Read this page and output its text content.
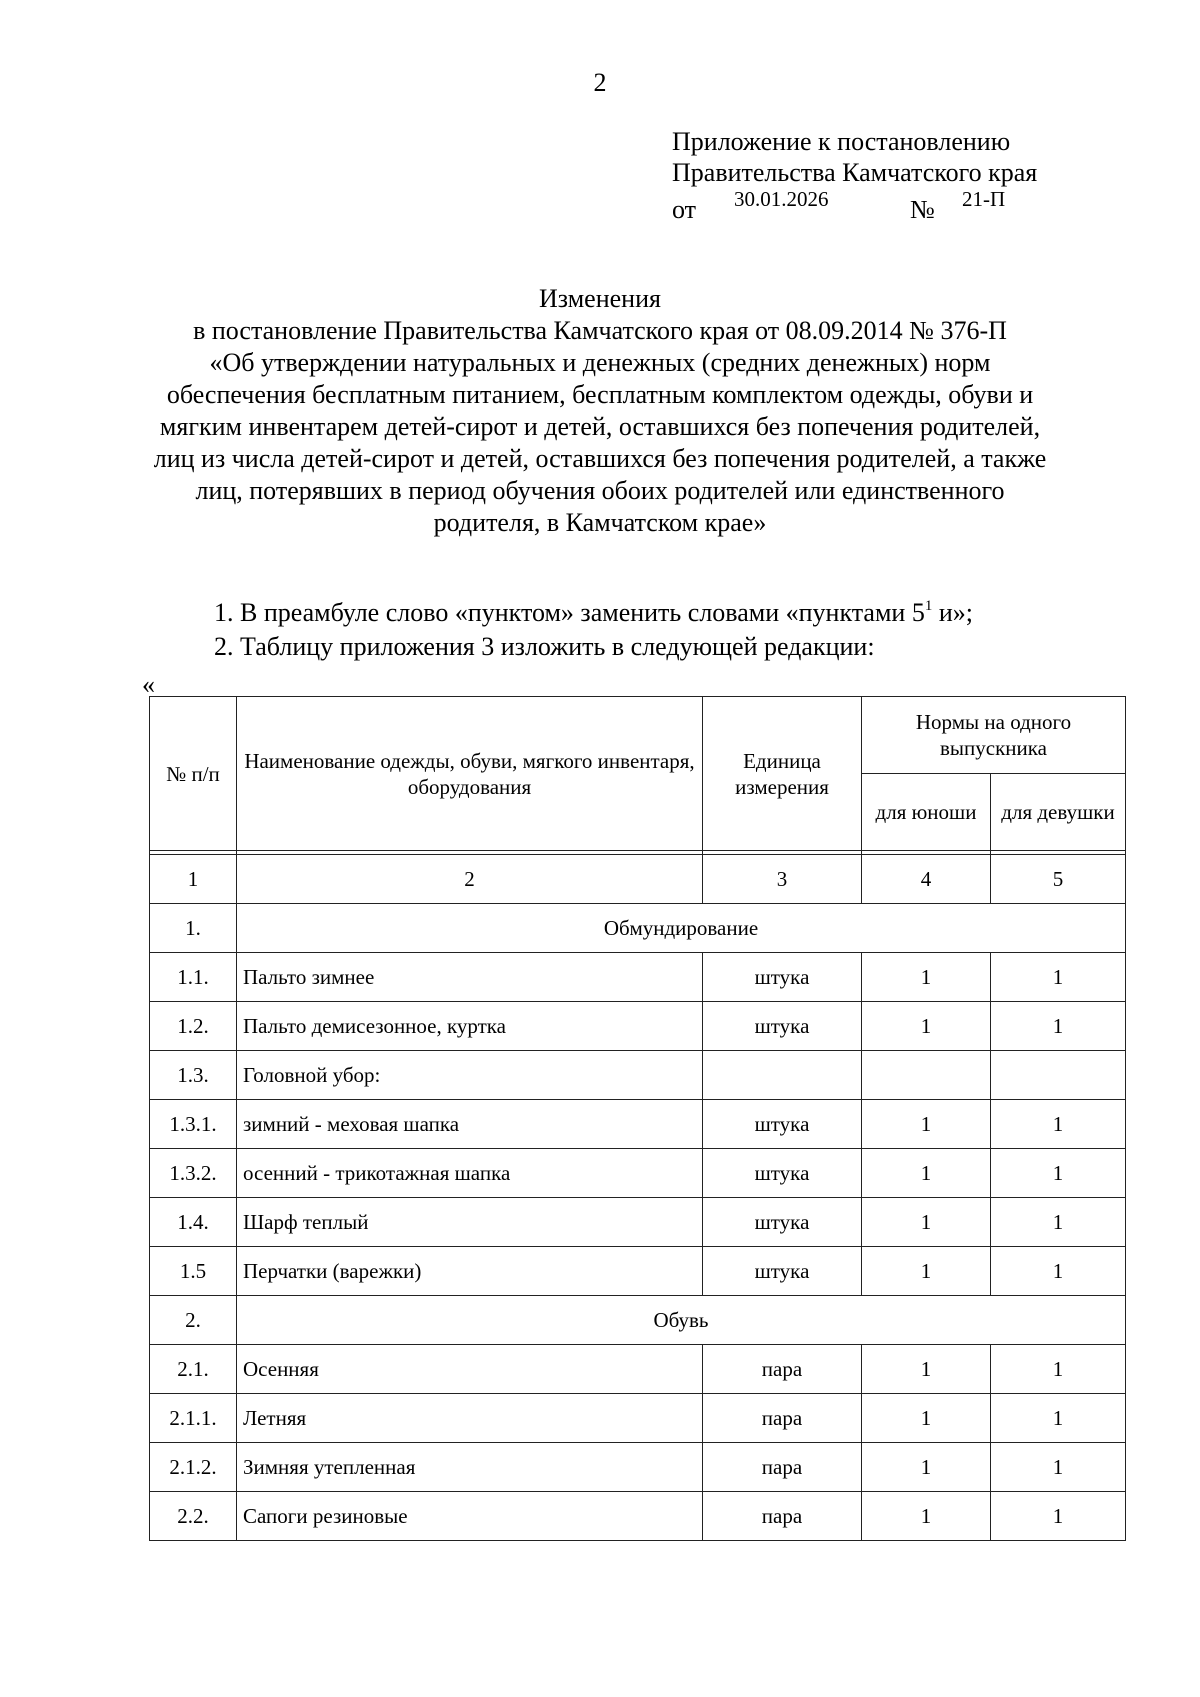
2
Приложение к постановлению
Правительства Камчатского края
от 30.01.2026	№ 21-П
Изменения
в постановление Правительства Камчатского края от 08.09.2014 № 376-П
«Об утверждении натуральных и денежных (средних денежных) норм
обеспечения бесплатным питанием, бесплатным комплектом одежды, обуви и
мягким инвентарем детей-сирот и детей, оставшихся без попечения родителей,
лиц из числа детей-сирот и детей, оставшихся без попечения родителей, а также
лиц, потерявших в период обучения обоих родителей или единственного
родителя, в Камчатском крае»
1. В преамбуле слово «пунктом» заменить словами «пунктами $5^1$ и»;
2. Таблицу приложения 3 изложить в следующей редакции:
«
№ п/п	Наименование одежды, обуви, мягкого инвентаря, оборудования	Единица измерения	Нормы на одного выпускника	
			для юноши	для девушки

1	2	3	4	5
1.	Обмундирование			
1.1.	Пальто зимнее	штука	1	1
1.2.	Пальто демисезонное, куртка	штука	1	1
1.3.	Головной убор:			
1.3.1.	зимний - меховая шапка	штука	1	1
1.3.2.	осенний - трикотажная шапка	штука	1	1
1.4.	Шарф теплый	штука	1	1
1.5	Перчатки (варежки)	штука	1	1
2.	Обувь			
2.1.	Осенняя	пара	1	1
2.1.1.	Летняя	пара	1	1
2.1.2.	Зимняя утепленная	пара	1	1
2.2.	Сапоги резиновые	пара	1	1
